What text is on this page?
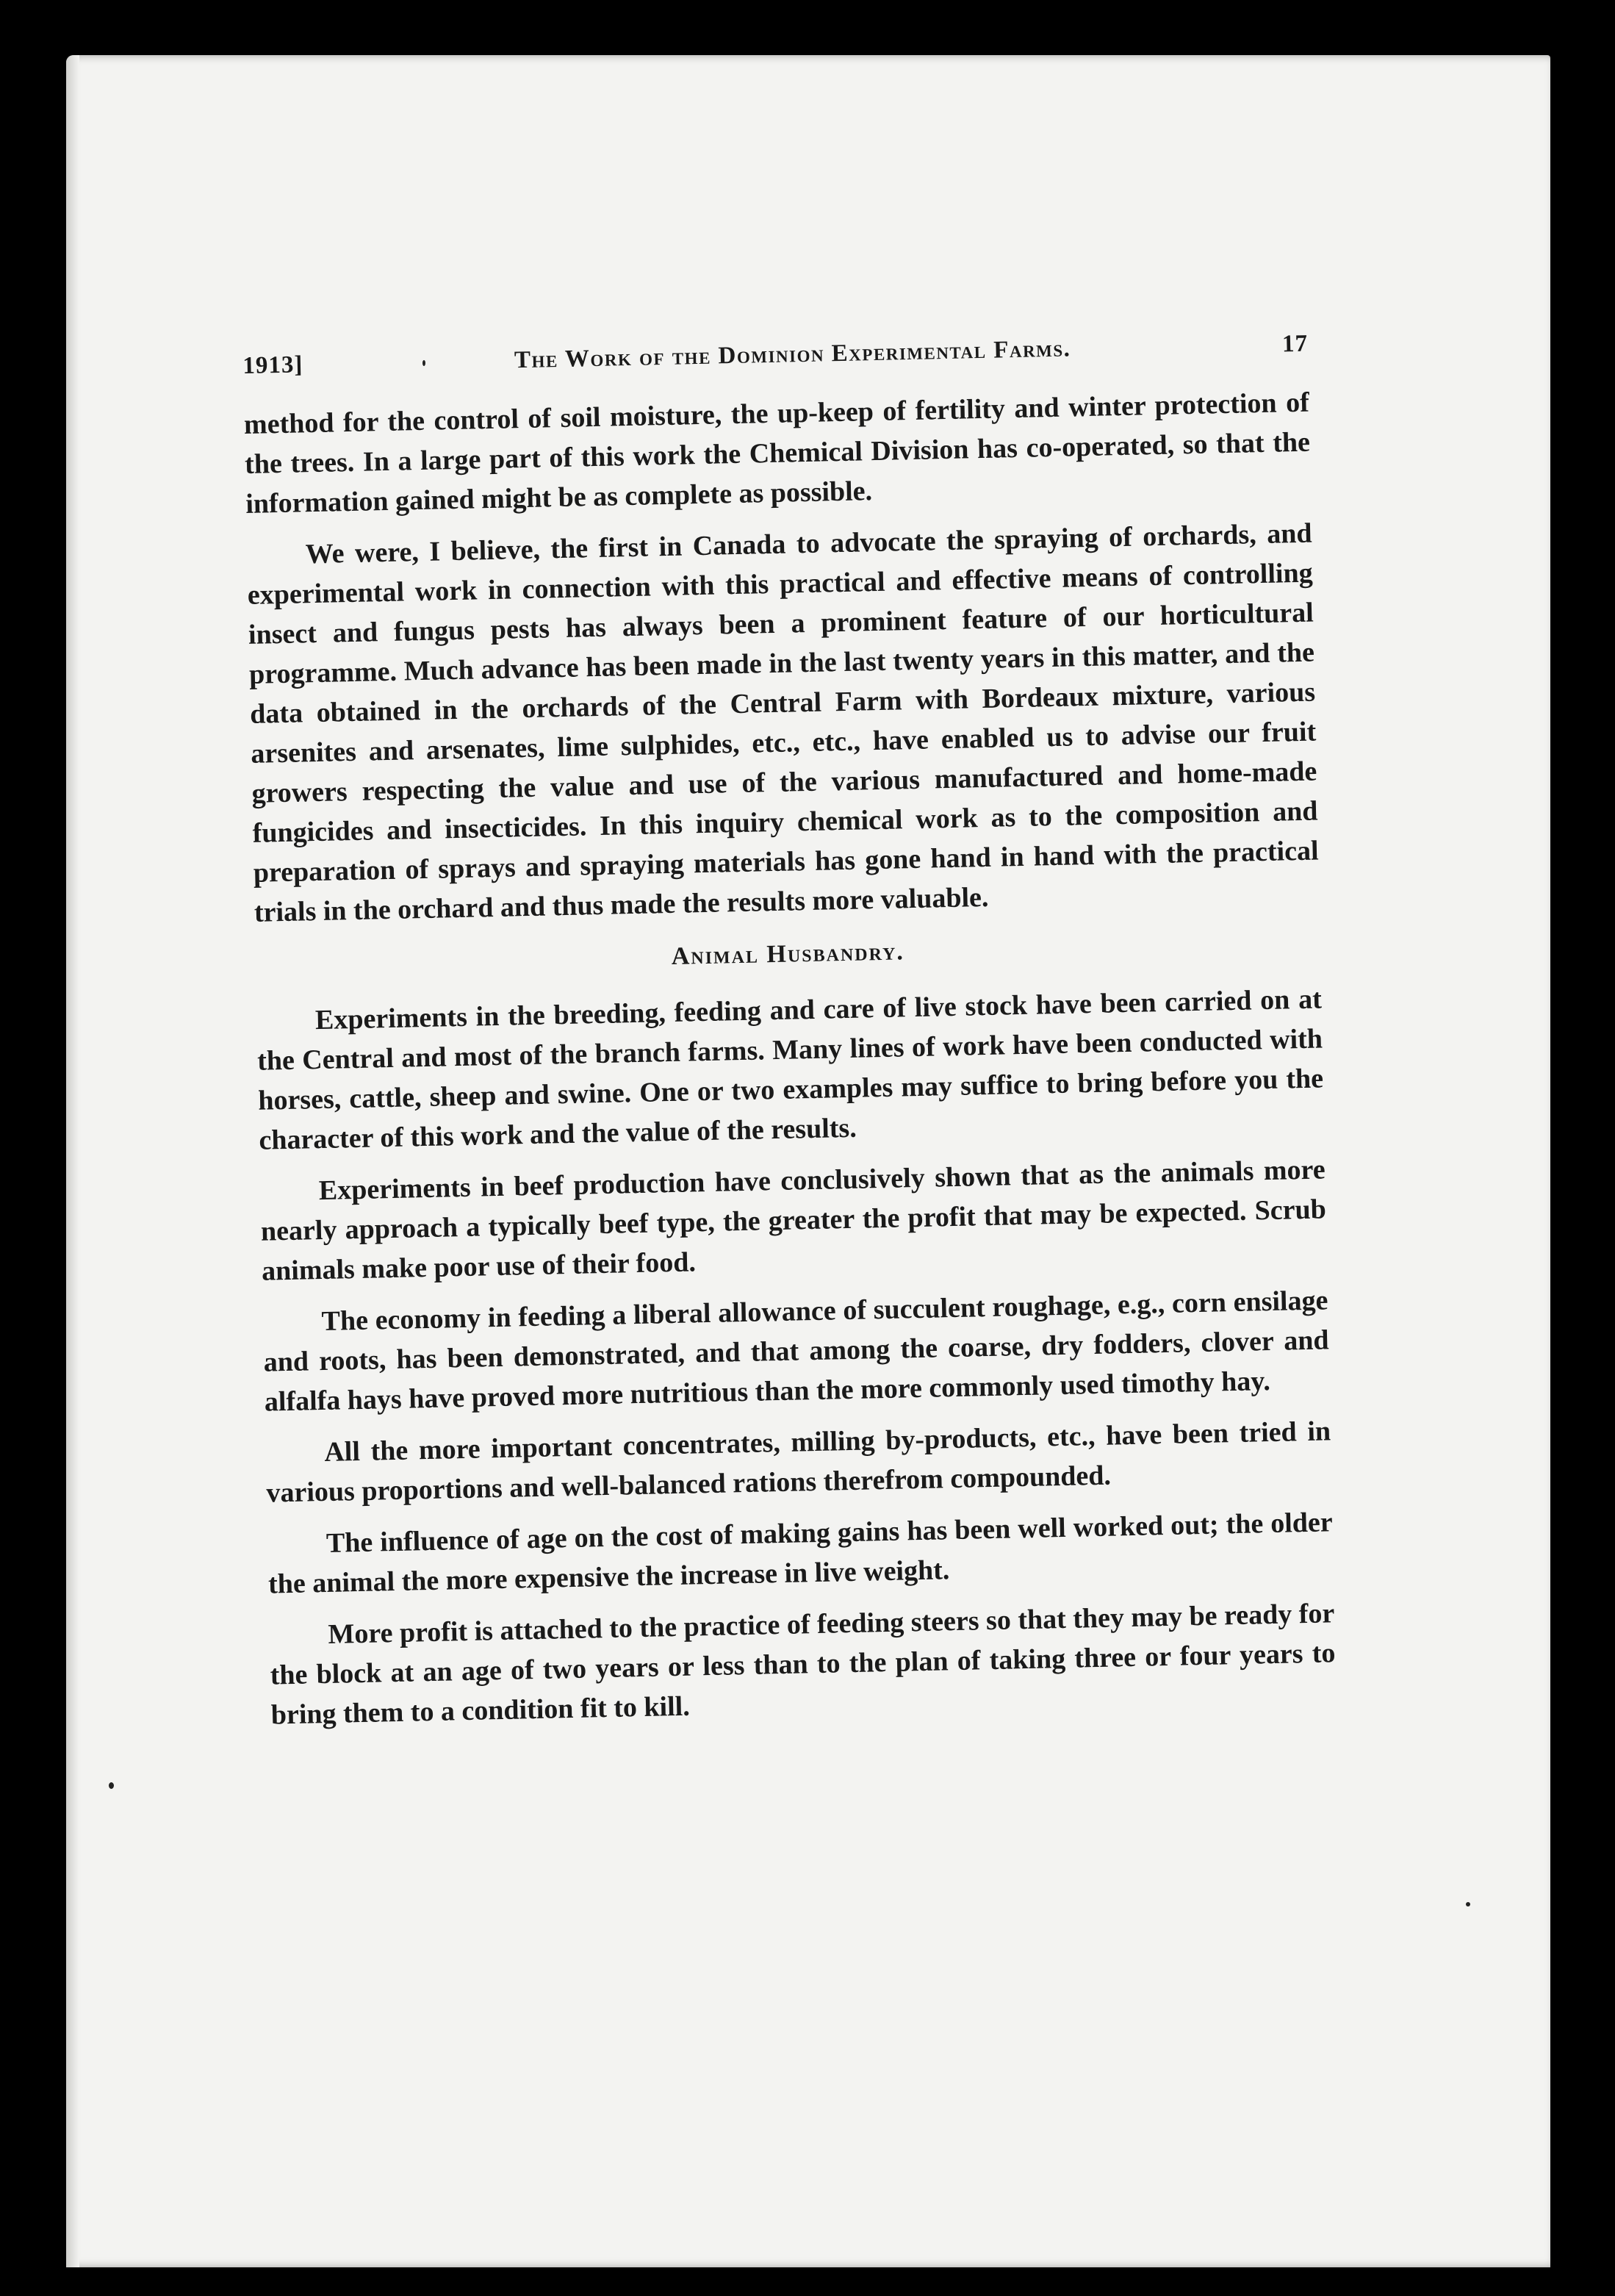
1913]	The Work of the Dominion Experimental Farms.	17

method for the control of soil moisture, the up-keep of fertility and winter protection of the trees. In a large part of this work the Chemical Division has co-operated, so that the information gained might be as complete as possible.

We were, I believe, the first in Canada to advocate the spraying of orchards, and experimental work in connection with this practical and effective means of controlling insect and fungus pests has always been a prominent feature of our horticultural programme. Much advance has been made in the last twenty years in this matter, and the data obtained in the orchards of the Central Farm with Bordeaux mixture, various arsenites and arsenates, lime sulphides, etc., etc., have enabled us to advise our fruit growers respecting the value and use of the various manufactured and home-made fungicides and insecticides. In this inquiry chemical work as to the composition and preparation of sprays and spraying materials has gone hand in hand with the practical trials in the orchard and thus made the results more valuable.

Animal Husbandry.

Experiments in the breeding, feeding and care of live stock have been carried on at the Central and most of the branch farms. Many lines of work have been conducted with horses, cattle, sheep and swine. One or two examples may suffice to bring before you the character of this work and the value of the results.

Experiments in beef production have conclusively shown that as the animals more nearly approach a typically beef type, the greater the profit that may be expected. Scrub animals make poor use of their food.

The economy in feeding a liberal allowance of succulent roughage, e.g., corn ensilage and roots, has been demonstrated, and that among the coarse, dry fodders, clover and alfalfa hays have proved more nutritious than the more commonly used timothy hay.

All the more important concentrates, milling by-products, etc., have been tried in various proportions and well-balanced rations therefrom compounded.

The influence of age on the cost of making gains has been well worked out; the older the animal the more expensive the increase in live weight.

More profit is attached to the practice of feeding steers so that they may be ready for the block at an age of two years or less than to the plan of taking three or four years to bring them to a condition fit to kill.
